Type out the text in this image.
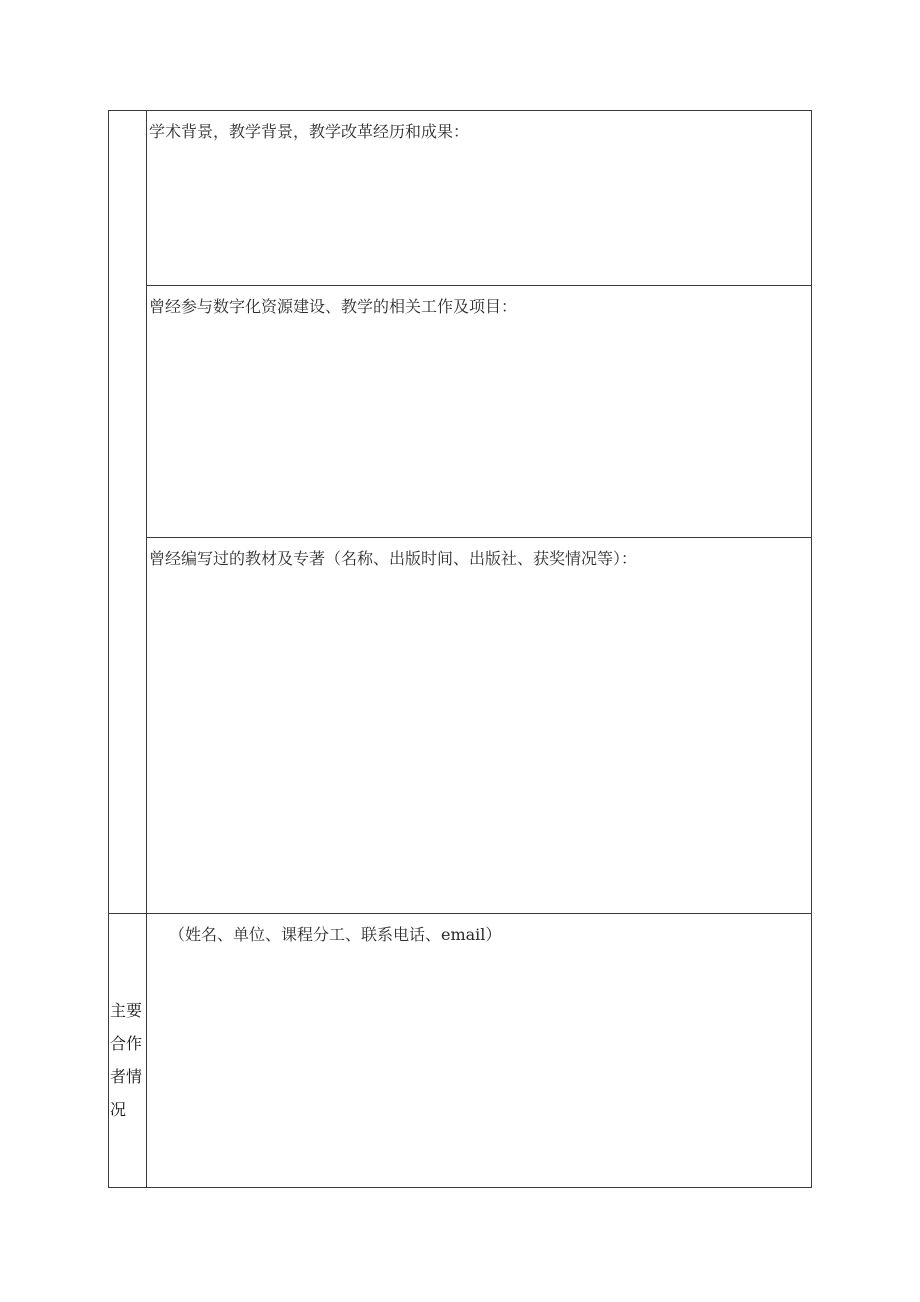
主要合作者情况
学术背景，教学背景，教学改革经历和成果：
曾经参与数字化资源建设、教学的相关工作及项目：
曾经编写过的教材及专著（名称、出版时间、出版社、获奖情况等）：
（姓名、单位、课程分工、联系电话、email）
